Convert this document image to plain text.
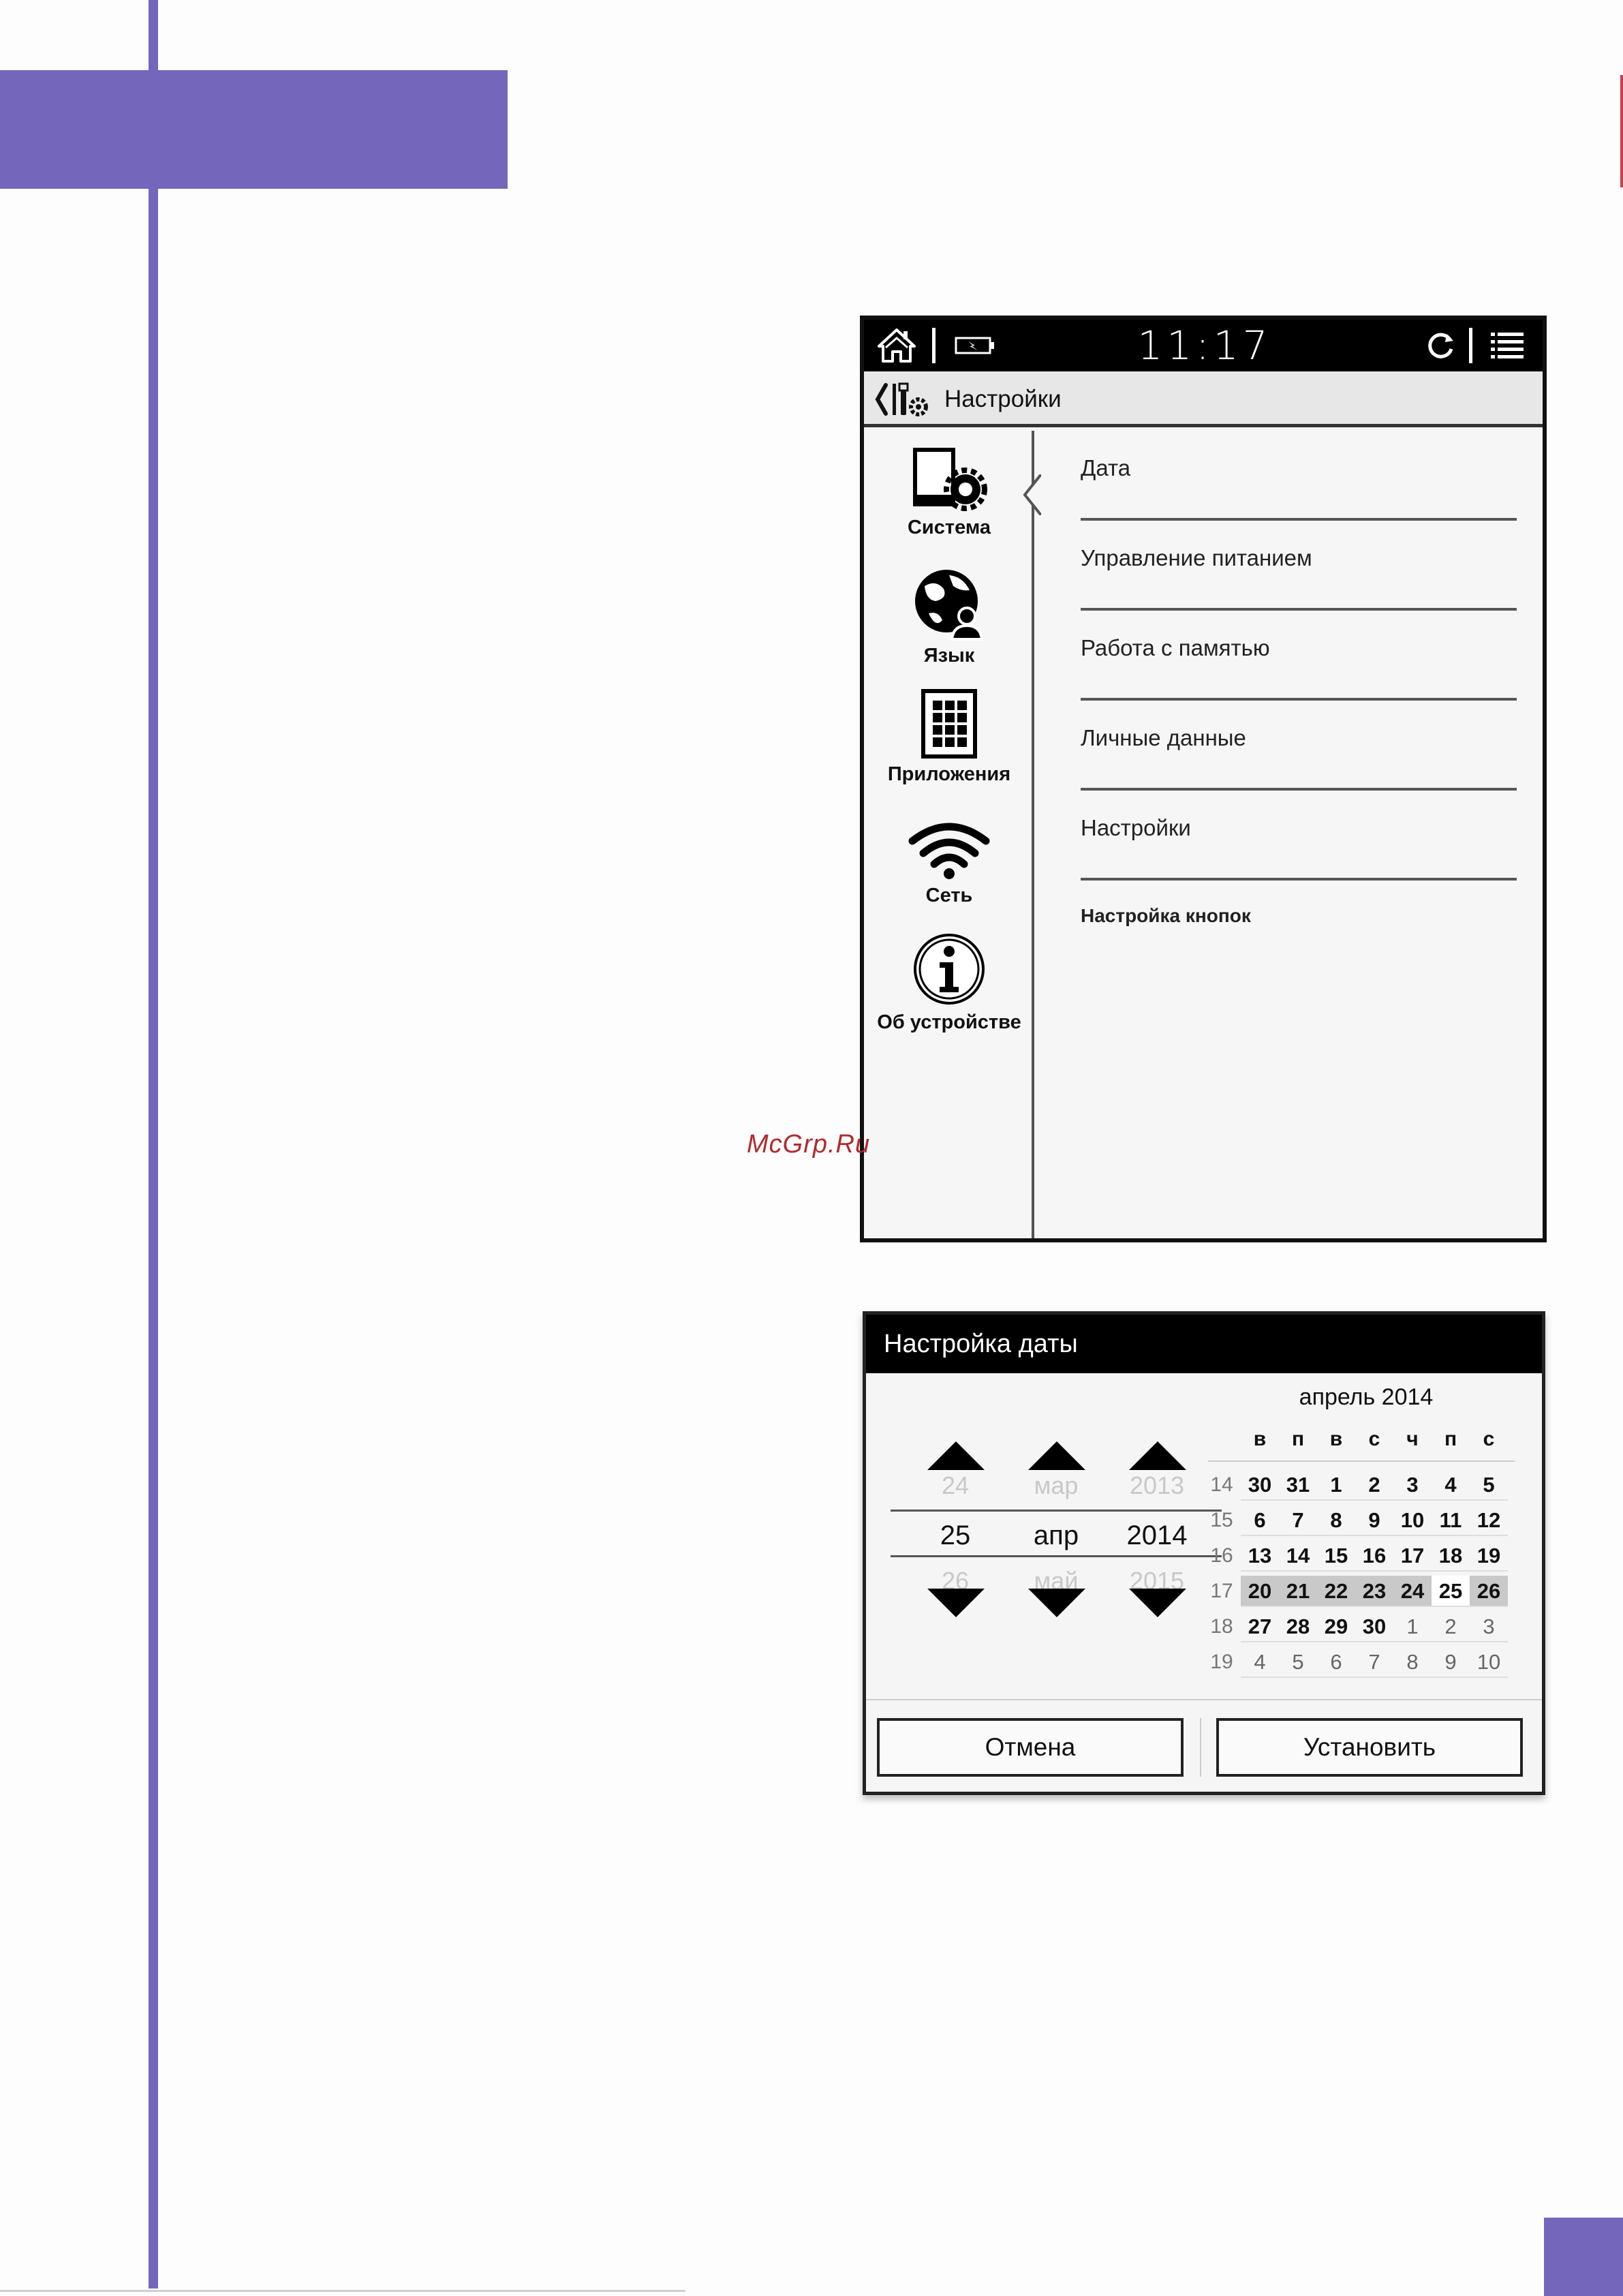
11:17
Настройки
Система
Язык
Приложения
Сеть
Об устройстве
Дата
Управление питанием
Работа с памятью
Личные данные
Настройки
Настройка кнопок
McGrp.Ru
Настройка даты
24
25
26
мар
апр
май
2013
2014
2015
апрель 2014
в	п	в	с	ч	п	с
14 30 31 1	2	3	4	5
15 6	7	8	9 10 11 12
16 13 14 15 16 17 18 19
17 20 21 22 23 24 25 26
18 27 28 29 30 1	2	3
19 4	5	6	7	8	9 10
Отмена	Установить
